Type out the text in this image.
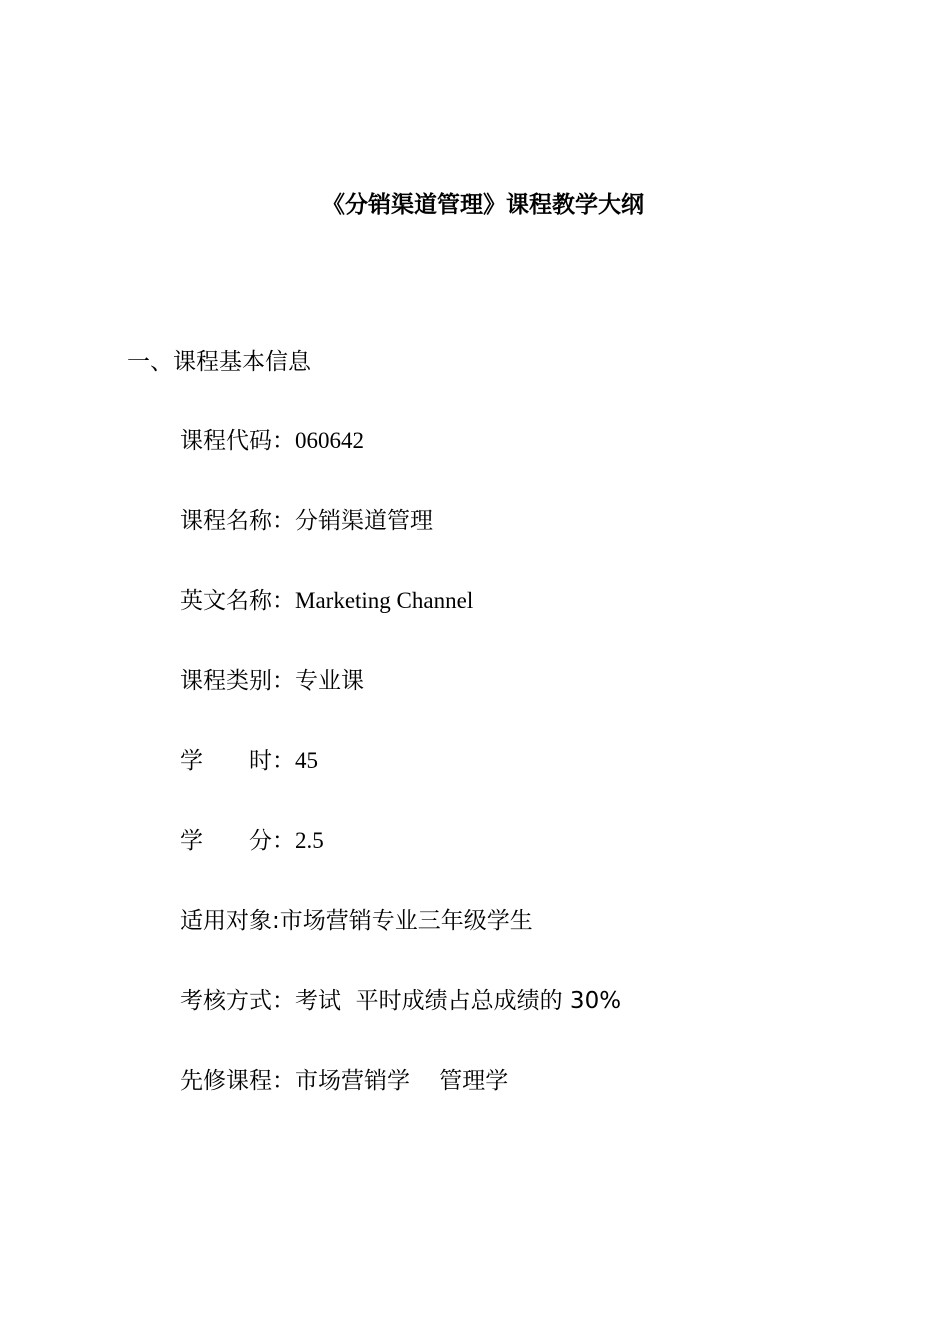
《分销渠道管理》课程教学大纲
一、课程基本信息
课程代码：060642
课程名称：分销渠道管理
英文名称：Marketing Channel
课程类别：专业课
学　　时：45
学　　分：2.5
适用对象:市场营销专业三年级学生
考核方式：考试  平时成绩占总成绩的 30%
先修课程：市场营销学    管理学
